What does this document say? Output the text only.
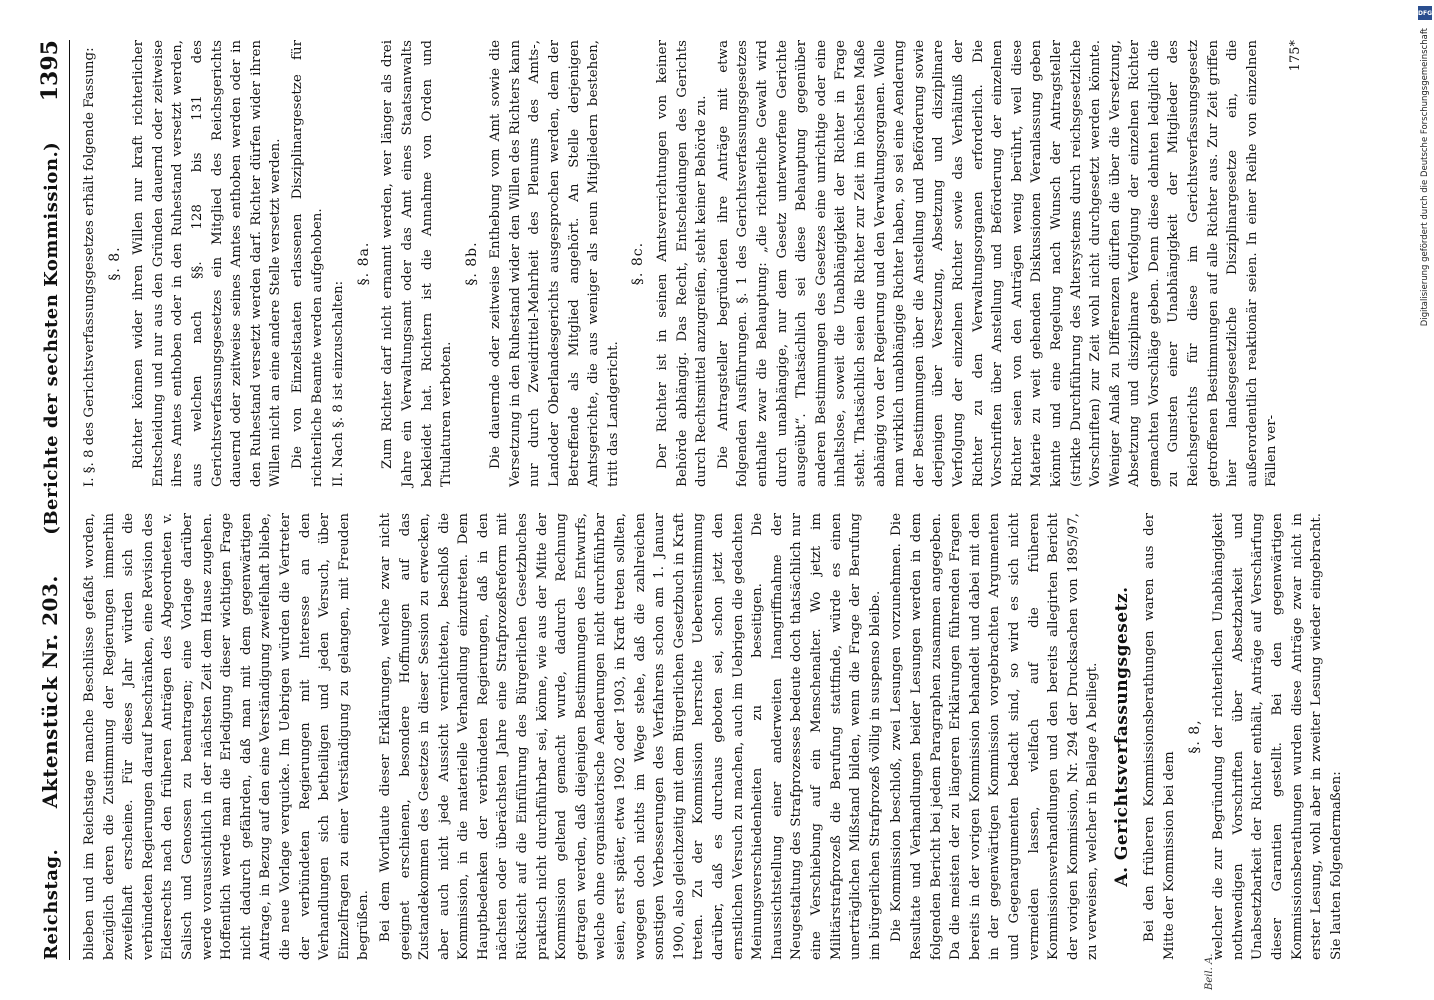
Reichstag.
Aktenstück Nr. 203.
(Berichte der sechsten Kommission.)
1395

blieben und im Reichstage manche Beschlüsse gefaßt worden, bezüglich deren die Zustimmung der Regierungen immerhin zweifelhaft erscheine. Für dieses Jahr würden sich die verbündeten Regierungen darauf beschränken, eine Revision des Eidesrechts nach den früheren Anträgen des Abgeordneten v. Salisch und Genossen zu beantragen; eine Vorlage darüber werde voraussichtlich in der nächsten Zeit dem Hause zugehen. Hoffentlich werde man die Erledigung dieser wichtigen Frage nicht dadurch gefährden, daß man mit dem gegenwärtigen Antrage, in Bezug auf den eine Verständigung zweifelhaft bliebe, die neue Vorlage verquicke. Im Uebrigen würden die Vertreter der verbündeten Regierungen mit Interesse an den Verhandlungen sich betheiligen und jeden Versuch, über Einzelfragen zu einer Verständigung zu gelangen, mit Freuden begrüßen. Bei dem Wortlaute dieser Erklärungen, welche zwar nicht geeignet erschienen, besondere Hoffnungen auf das Zustandekommen des Gesetzes in dieser Session zu erwecken, aber auch nicht jede Aussicht vernichteten, beschloß die Kommission, in die materielle Verhandlung einzutreten. Dem Hauptbedenken der verbündeten Regierungen, daß in den nächsten oder überächsten Jahre eine Strafprozeßreform mit Rücksicht auf die Einführung des Bürgerlichen Gesetzbuches praktisch nicht durchführbar sei, könne, wie aus der Mitte der Kommission geltend gemacht wurde, dadurch Rechnung getragen werden, daß diejenigen Bestimmungen des Entwurfs, welche ohne organisatorische Aenderungen nicht durchführbar seien, erst später, etwa 1902 oder 1903, in Kraft treten sollten, wogegen doch nichts im Wege stehe, daß die zahlreichen sonstigen Verbesserungen des Verfahrens schon am 1. Januar 1900, also gleichzeitig mit dem Bürgerlichen Gesetzbuch in Kraft treten. Zu der Kommission herrschte Uebereinstimmung darüber, daß es durchaus geboten sei, schon jetzt den ernstlichen Versuch zu machen, auch im Uebrigen die gedachten Meinungsverschiedenheiten zu beseitigen. Die Inaussichtstellung einer anderweiten Inangriffnahme der Neugestaltung des Strafprozesses bedeute doch thatsächlich nur eine Verschiebung auf ein Menschenalter. Wo jetzt im Militärstrafprozeß die Berufung stattfinde, würde es einen unerträglichen Mißstand bilden, wenn die Frage der Berufung im bürgerlichen Strafprozeß völlig in suspenso bleibe. Die Kommission beschloß, zwei Lesungen vorzunehmen. Die Resultate und Verhandlungen beider Lesungen werden in dem folgenden Bericht bei jedem Paragraphen zusammen angegeben. Da die meisten der zu längeren Erklärungen führenden Fragen bereits in der vorigen Kommission behandelt und dabei mit den in der gegenwärtigen Kommission vorgebrachten Argumenten und Gegenargumenten bedacht sind, so wird es sich nicht vermeiden lassen, vielfach auf die früheren Kommissionsverhandlungen und den bereits allegirten Bericht der vorigen Kommission, Nr. 294 der Drucksachen von 1895/97, zu verweisen, welcher in Beilage A beiliegt. A. Gerichtsverfassungsgesetz. Bei den früheren Kommissionsberathungen waren aus der Mitte der Kommission bei dem

§. 8, welcher die zur Begründung der richterlichen Unabhängigkeit nothwendigen Vorschriften über Absetzbarkeit und Unabsetzbarkeit der Richter enthält, Anträge auf Verschärfung dieser Garantien gestellt. Bei den gegenwärtigen Kommissionsberathungen wurden diese Anträge zwar nicht in erster Lesung, wohl aber in zweiter Lesung wieder eingebracht. Sie lauten folgendermaßen:

Beil. A.

I. §. 8 des Gerichtsverfassungsgesetzes erhält folgende Fassung: §. 8. Richter können wider ihren Willen nur kraft richterlicher Entscheidung und nur aus den Gründen dauernd oder zeitweise ihres Amtes enthoben oder in den Ruhestand versetzt werden, aus welchen nach §§. 128 bis 131 des Gerichtsverfassungsgesetzes ein Mitglied des Reichsgerichts dauernd oder zeitweise seines Amtes enthoben werden oder in den Ruhestand versetzt werden darf. Richter dürfen wider ihren Willen nicht an eine andere Stelle versetzt werden. Die von Einzelstaaten erlassenen Disziplinargesetze für richterliche Beamte werden aufgehoben. II. Nach §. 8 ist einzuschalten:

§. 8a. Zum Richter darf nicht ernannt werden, wer länger als drei Jahre ein Verwaltungsamt oder das Amt eines Staatsanwalts bekleidet hat. Richtern ist die Annahme von Orden und Titulaturen verboten.

§. 8b. Die dauernde oder zeitweise Enthebung vom Amt sowie die Versetzung in den Ruhestand wider den Willen des Richters kann nur durch Zweidrittel-Mehrheit des Plenums des Amts-, Landoder Oberlandesgerichts ausgesprochen werden, dem der Betreffende als Mitglied angehört. An Stelle derjenigen Amtsgerichte, die aus weniger als neun Mitgliedern bestehen, tritt das Landgericht.

§. 8c. Der Richter ist in seinen Amtsverrichtungen von keiner Behörde abhängig. Das Recht, Entscheidungen des Gerichts durch Rechtsmittel anzugreifen, steht keiner Behörde zu. Die Antragsteller begründeten ihre Anträge mit etwa folgenden Ausführungen. §. 1 des Gerichtsverfassungsgesetzes enthalte zwar die Behauptung: „die richterliche Gewalt wird durch unabhängige, nur dem Gesetz unterworfene Gerichte ausgeübt“. Thatsächlich sei diese Behauptung gegenüber anderen Bestimmungen des Gesetzes eine unrichtige oder eine inhaltslose, soweit die Unabhängigkeit der Richter in Frage steht. Thatsächlich seien die Richter zur Zeit im höchsten Maße abhängig von der Regierung und den Verwaltungsorganen. Wolle man wirklich unabhängige Richter haben, so sei eine Aenderung der Bestimmungen über die Anstellung und Beförderung sowie derjenigen über Versetzung, Absetzung und disziplinare Verfolgung der einzelnen Richter sowie das Verhältniß der Richter zu den Verwaltungsorganen erforderlich. Die Vorschriften über Anstellung und Beförderung der einzelnen Richter seien von den Anträgen wenig berührt, weil diese Materie zu weit gehenden Diskussionen Veranlassung geben könnte und eine Regelung nach Wunsch der Antragsteller (strikte Durchführung des Altersystems durch reichsgesetzliche Vorschriften) zur Zeit wohl nicht durchgesetzt werden könnte. Weniger Anlaß zu Differenzen dürften die über die Versetzung, Absetzung und disziplinare Verfolgung der einzelnen Richter gemachten Vorschläge geben. Denn diese dehnten lediglich die zu Gunsten einer Unabhängigkeit der Mitglieder des Reichsgerichts für diese im Gerichtsverfassungsgesetz getroffenen Bestimmungen auf alle Richter aus. Zur Zeit griffen hier landesgesetzliche Disziplinargesetze ein, die außerordentlich reaktionär seien. In einer Reihe von einzelnen Fällen ver-

175*
DFG
Digitalisierung gefördert durch die Deutsche Forschungsgemeinschaft
